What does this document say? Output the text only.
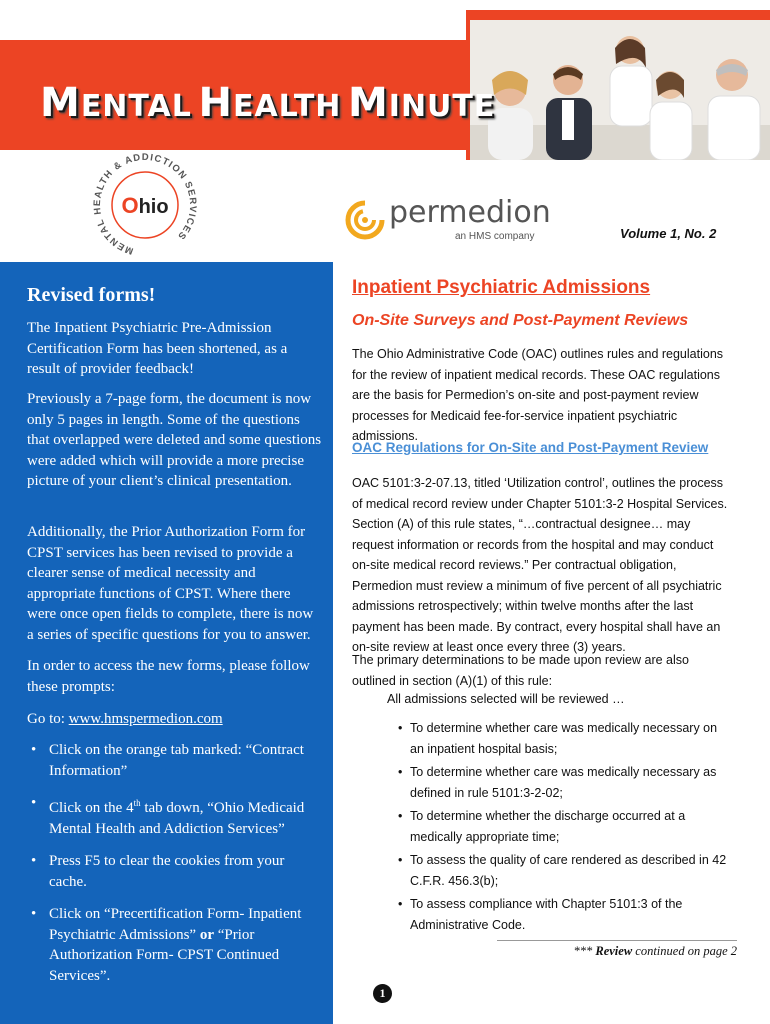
MENTAL HEALTH MINUTE
MENTAL HEALTH & ADDICTION SERVICES
Ohio	permedion
an HMS company	Volume 1, No. 2
Revised forms!
The Inpatient Psychiatric Pre-Admission Certification Form has been shortened, as a result of provider feedback!
Previously a 7-page form, the document is now only 5 pages in length. Some of the questions that overlapped were deleted and some questions were added which will provide a more precise picture of your client’s clinical presentation.
Additionally, the Prior Authorization Form for CPST services has been revised to provide a clearer sense of medical necessity and appropriate functions of CPST. Where there were once open fields to complete, there is now a series of specific questions for you to answer.
In order to access the new forms, please follow these prompts:
Go to: www.hmspermedion.com
• Click on the orange tab marked: “Contract Information”
• Click on the 4th tab down, “Ohio Medicaid Mental Health and Addiction Services”
• Press F5 to clear the cookies from your cache.
• Click on “Precertification Form- Inpatient Psychiatric Admissions” or “Prior Authorization Form- CPST Continued Services”.
Inpatient Psychiatric Admissions
On-Site Surveys and Post-Payment Reviews
The Ohio Administrative Code (OAC) outlines rules and regulations for the review of inpatient medical records. These OAC regulations are the basis for Permedion’s on-site and post-payment review processes for Medicaid fee-for-service inpatient psychiatric admissions.
OAC Regulations for On-Site and Post-Payment Review
OAC 5101:3-2-07.13, titled ‘Utilization control’, outlines the process of medical record review under Chapter 5101:3-2 Hospital Services. Section (A) of this rule states, “…contractual designee… may request information or records from the hospital and may conduct on-site medical record reviews.” Per contractual obligation, Permedion must review a minimum of five percent of all psychiatric admissions retrospectively; within twelve months after the last payment has been made. By contract, every hospital shall have an on-site review at least once every three (3) years.
The primary determinations to be made upon review are also outlined in section (A)(1) of this rule:
All admissions selected will be reviewed …
• To determine whether care was medically necessary on an inpatient hospital basis;
• To determine whether care was medically necessary as defined in rule 5101:3-2-02;
• To determine whether the discharge occurred at a medically appropriate time;
• To assess the quality of care rendered as described in 42 C.F.R. 456.3(b);
• To assess compliance with Chapter 5101:3 of the Administrative Code.
*** Review continued on page 2
1
